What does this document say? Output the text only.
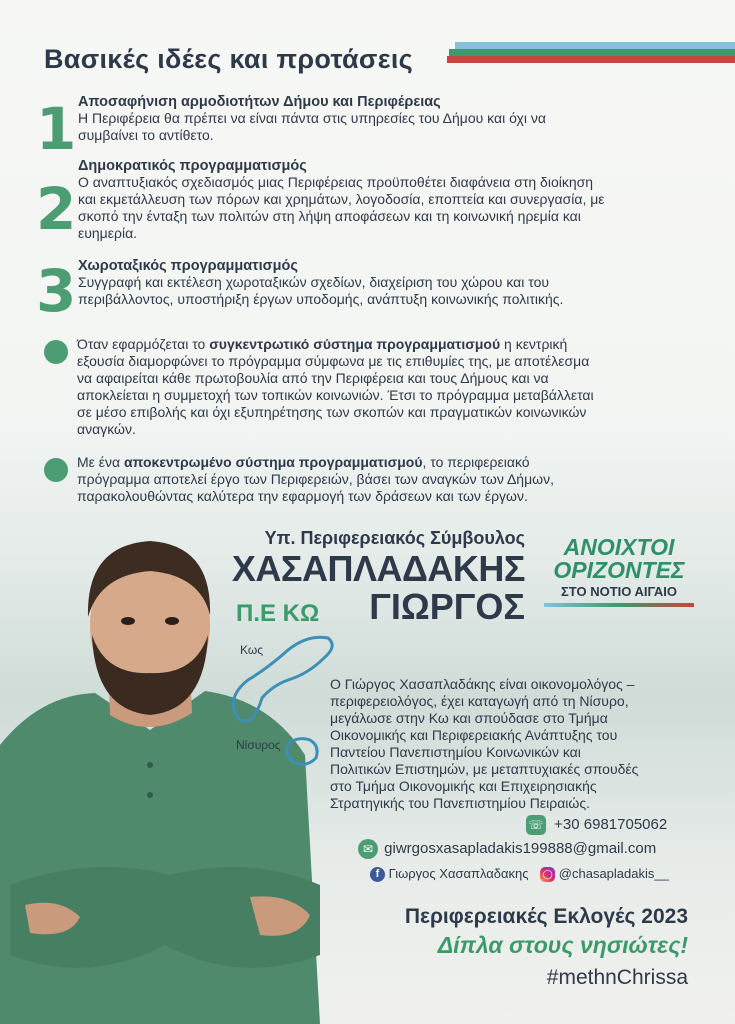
Βασικές ιδέες και προτάσεις
1 Αποσαφήνιση αρμοδιοτήτων Δήμου και Περιφέρειας
Η Περιφέρεια θα πρέπει να είναι πάντα στις υπηρεσίες του Δήμου και όχι να
συμβαίνει το αντίθετο.
2
Δημοκρατικός προγραμματισμός
Ο αναπτυξιακός σχεδιασμός μιας Περιφέρειας προϋποθέτει διαφάνεια στη διοίκηση
και εκμετάλλευση των πόρων και χρημάτων, λογοδοσία, εποπτεία και συνεργασία, με
σκοπό την ένταξη των πολιτών στη λήψη αποφάσεων και τη κοινωνική ηρεμία και
ευημερία.
3 Χωροταξικός προγραμματισμός
Συγγραφή και εκτέλεση χωροταξικών σχεδίων, διαχείριση του χώρου και του
περιβάλλοντος, υποστήριξη έργων υποδομής, ανάπτυξη κοινωνικής πολιτικής.
Όταν εφαρμόζεται το συγκεντρωτικό σύστημα προγραμματισμού η κεντρική
εξουσία διαμορφώνει το πρόγραμμα σύμφωνα με τις επιθυμίες της, με αποτέλεσμα
να αφαιρείται κάθε πρωτοβουλία από την Περιφέρεια και τους Δήμους και να
αποκλείεται η συμμετοχή των τοπικών κοινωνιών. Έτσι το πρόγραμμα μεταβάλλεται
σε μέσο επιβολής και όχι εξυπηρέτησης των σκοπών και πραγματικών κοινωνικών
αναγκών.
Με ένα αποκεντρωμένο σύστημα προγραμματισμού, το περιφερειακό
πρόγραμμα αποτελεί έργο των Περιφερειών, βάσει των αναγκών των Δήμων,
παρακολουθώντας καλύτερα την εφαρμογή των δράσεων και των έργων.
Υπ. Περιφερειακός Σύμβουλος
ΧΑΣΑΠΛΑΔΑΚΗΣ
ΓΙΩΡΓΟΣ
Π.Ε ΚΩ
ΑΝΟΙΧΤΟΙ
ΟΡΙΖΟΝΤΕΣ
ΣΤΟ ΝΟΤΙΟ ΑΙΓΑΙΟ
Κως
Νίσυρος
Ο Γιώργος Χασαπλαδάκης είναι οικονομολόγος –
περιφερειολόγος, έχει καταγωγή από τη Νίσυρο,
μεγάλωσε στην Κω και σπούδασε στο Τμήμα
Οικονομικής και Περιφερειακής Ανάπτυξης του
Παντείου Πανεπιστημίου Κοινωνικών και
Πολιτικών Επιστημών, με μεταπτυχιακές σπουδές
στο Τμήμα Οικονομικής και Επιχειρησιακής
Στρατηγικής του Πανεπιστημίου Πειραιώς.
☏ +30 6981705062
✉ giwrgosxasapladakis199888@gmail.com
f Γιωργος Χασαπλαδακης ◯ @chasapladakis__
Περιφερειακές Εκλογές 2023
Δίπλα στους νησιώτες!
#methnChrissa
